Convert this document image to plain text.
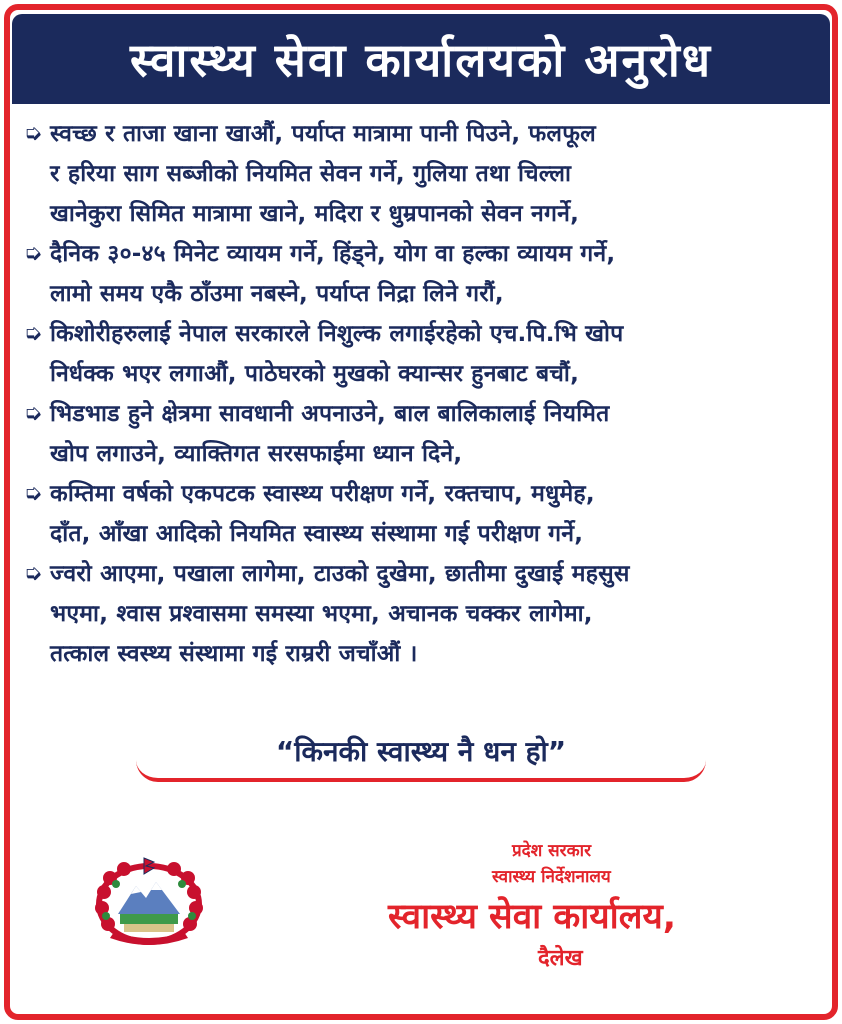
स्वास्थ्य सेवा कार्यालयको अनुरोध
➭ स्वच्छ र ताजा खाना खाऔं, पर्याप्त मात्रामा पानी पिउने, फलफूल
र हरिया साग सब्जीको नियमित सेवन गर्ने, गुलिया तथा चिल्ला
खानेकुरा सिमित मात्रामा खाने, मदिरा र धुम्रपानको सेवन नगर्ने,
➭ दैनिक ३०-४५ मिनेट व्यायम गर्ने, हिंड्ने, योग वा हल्का व्यायम गर्ने,
लामो समय एकै ठाँउमा नबस्ने, पर्याप्त निद्रा लिने गरौं,
➭ किशोरीहरुलाई नेपाल सरकारले निशुल्क लगाईरहेको एच.पि.भि खोप
निर्धक्क भएर लगाऔं, पाठेघरको मुखको क्यान्सर हुनबाट बचौं,
➭ भिडभाड हुने क्षेत्रमा सावधानी अपनाउने, बाल बालिकालाई नियमित
खोप लगाउने, व्याक्तिगत सरसफाईमा ध्यान दिने,
➭ कम्तिमा वर्षको एकपटक स्वास्थ्य परीक्षण गर्ने, रक्तचाप, मधुमेह,
दाँत, आँखा आदिको नियमित स्वास्थ्य संस्थामा गई परीक्षण गर्ने,
➭ ज्वरो आएमा, पखाला लागेमा, टाउको दुखेमा, छातीमा दुखाई महसुस
भएमा, श्वास प्रश्वासमा समस्या भएमा, अचानक चक्कर लागेमा,
तत्काल स्वस्थ्य संस्थामा गई राम्ररी जचाँऔं ।
“किनकी स्वास्थ्य नै धन हो”
प्रदेश सरकार
स्वास्थ्य निर्देशनालय
स्वास्थ्य सेवा कार्यालय,
दैलेख
